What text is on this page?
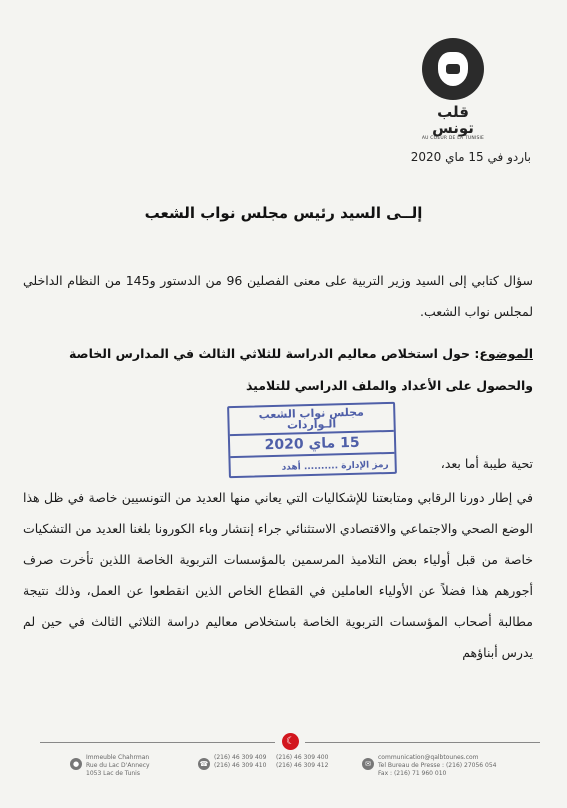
قلب تونس
AU COEUR DE LA TUNISIE
باردو في 15 ماي 2020
إلــى السيد رئيس مجلس نواب الشعب
سؤال كتابي إلى السيد وزير التربية على معنى الفصلين 96 من الدستور و145 من النظام الداخلي لمجلس نواب الشعب.
الموضوع: حول استخلاص معاليم الدراسة للثلاثي الثالث في المدارس الخاصة والحصول على الأعداد والملف الدراسي للتلاميذ
مجلس نواب الشعب
الـواردات
15 ماي 2020
رمز الإدارة .......... أهدد	تحية طيبة أما بعد،
في إطار دورنا الرقابي ومتابعتنا للإشكاليات التي يعاني منها العديد من التونسيين خاصة في ظل هذا الوضع الصحي والاجتماعي والاقتصادي الاستثنائي جراء إنتشار وباء الكورونا بلغنا العديد من التشكيات خاصة من قبل أولياء بعض التلاميذ المرسمين بالمؤسسات التربوية الخاصة اللذين تأخرت صرف أجورهم هذا فضلاً عن الأولياء العاملين في القطاع الخاص الذين انقطعوا عن العمل، وذلك نتيجة مطالبة أصحاب المؤسسات التربوية الخاصة باستخلاص معاليم دراسة الثلاثي الثالث في حين لم يدرس أبناؤهم
☾
●
Immeuble Chahrman
Rue du Lac D'Annecy
1053 Lac de Tunis
☎
(216) 46 309 409
(216) 46 309 410
(216) 46 309 400
(216) 46 309 412	✉
communication@qalbtounes.com
Tel Bureau de Presse : (216) 27056 054
Fax : (216) 71 960 010
